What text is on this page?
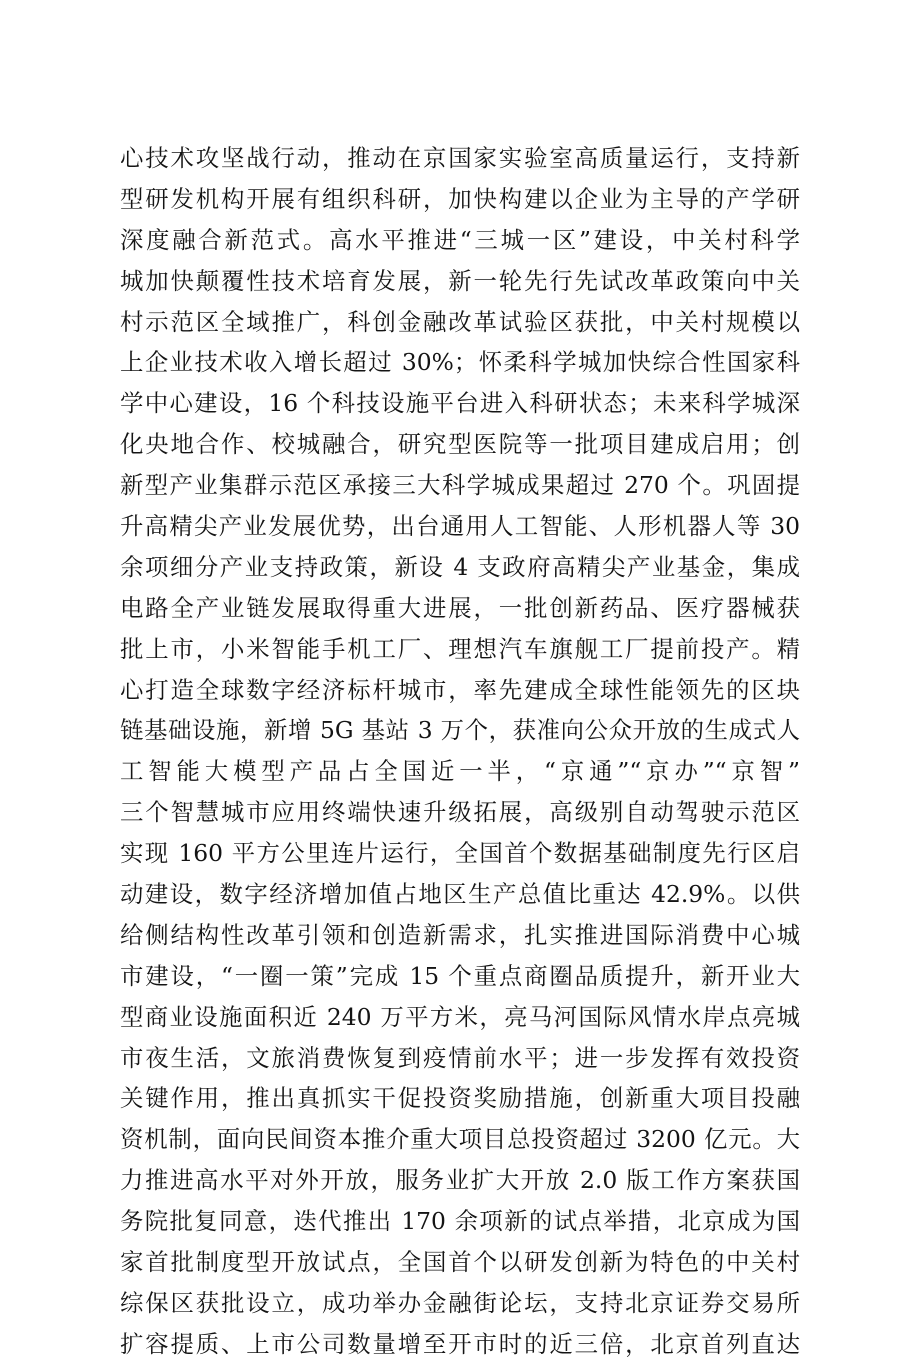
心技术攻坚战行动，推动在京国家实验室高质量运行，支持新
型研发机构开展有组织科研，加快构建以企业为主导的产学研
深度融合新范式。高水平推进“三城一区”建设，中关村科学
城加快颠覆性技术培育发展，新一轮先行先试改革政策向中关
村示范区全域推广，科创金融改革试验区获批，中关村规模以
上企业技术收入增长超过 30%；怀柔科学城加快综合性国家科
学中心建设，16 个科技设施平台进入科研状态；未来科学城深
化央地合作、校城融合，研究型医院等一批项目建成启用；创
新型产业集群示范区承接三大科学城成果超过 270 个。巩固提
升高精尖产业发展优势，出台通用人工智能、人形机器人等 30
余项细分产业支持政策，新设 4 支政府高精尖产业基金，集成
电路全产业链发展取得重大进展，一批创新药品、医疗器械获
批上市，小米智能手机工厂、理想汽车旗舰工厂提前投产。精
心打造全球数字经济标杆城市，率先建成全球性能领先的区块
链基础设施，新增 5G 基站 3 万个，获准向公众开放的生成式人
工智能大模型产品占全国近一半，“京通”“京办”“京智”
三个智慧城市应用终端快速升级拓展，高级别自动驾驶示范区
实现 160 平方公里连片运行，全国首个数据基础制度先行区启
动建设，数字经济增加值占地区生产总值比重达 42.9%。以供
给侧结构性改革引领和创造新需求，扎实推进国际消费中心城
市建设，“一圈一策”完成 15 个重点商圈品质提升，新开业大
型商业设施面积近 240 万平方米，亮马河国际风情水岸点亮城
市夜生活，文旅消费恢复到疫情前水平；进一步发挥有效投资
关键作用，推出真抓实干促投资奖励措施，创新重大项目投融
资机制，面向民间资本推介重大项目总投资超过 3200 亿元。大
力推进高水平对外开放，服务业扩大开放 2.0 版工作方案获国
务院批复同意，迭代推出 170 余项新的试点举措，北京成为国
家首批制度型开放试点，全国首个以研发创新为特色的中关村
综保区获批设立，成功举办金融街论坛，支持北京证券交易所
扩容提质、上市公司数量增至开市时的近三倍，北京首列直达
